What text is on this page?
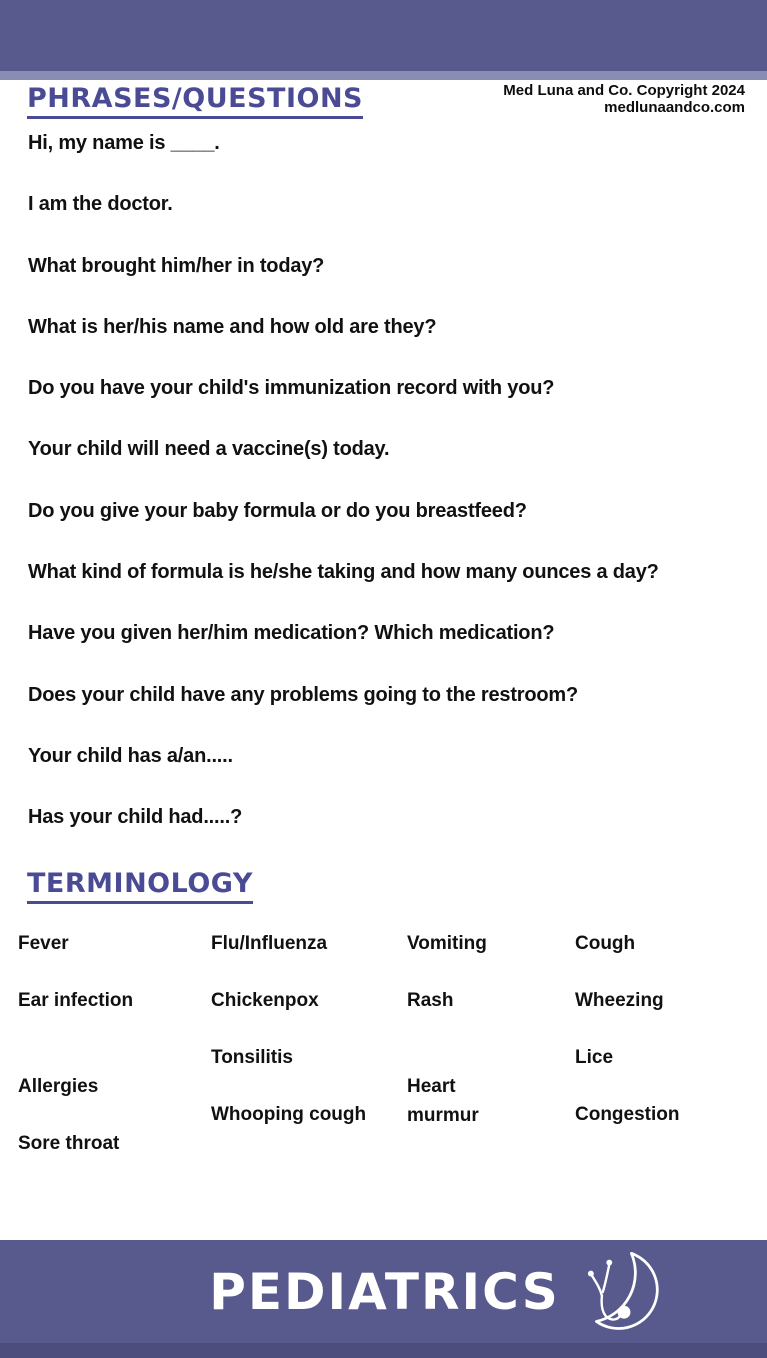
PHRASES/QUESTIONS	Med Luna and Co. Copyright 2024
medlunaandco.com
Hi, my name is ____.
I am the doctor.
What brought him/her in today?
What is her/his name and how old are they?
Do you have your child's immunization record with you?
Your child will need a vaccine(s) today.
Do you give your baby formula or do you breastfeed?
What kind of formula is he/she taking and how many ounces a day?
Have you given her/him medication? Which medication?
Does your child have any problems going to the restroom?
Your child has a/an.....
Has your child had.....?
TERMINOLOGY
Fever
Ear infection
Allergies
Sore throat
Flu/Influenza
Chickenpox
Tonsilitis
Whooping cough
Vomiting
Rash
Heart murmur
Cough
Wheezing
Lice
Congestion
PEDIATRICS
